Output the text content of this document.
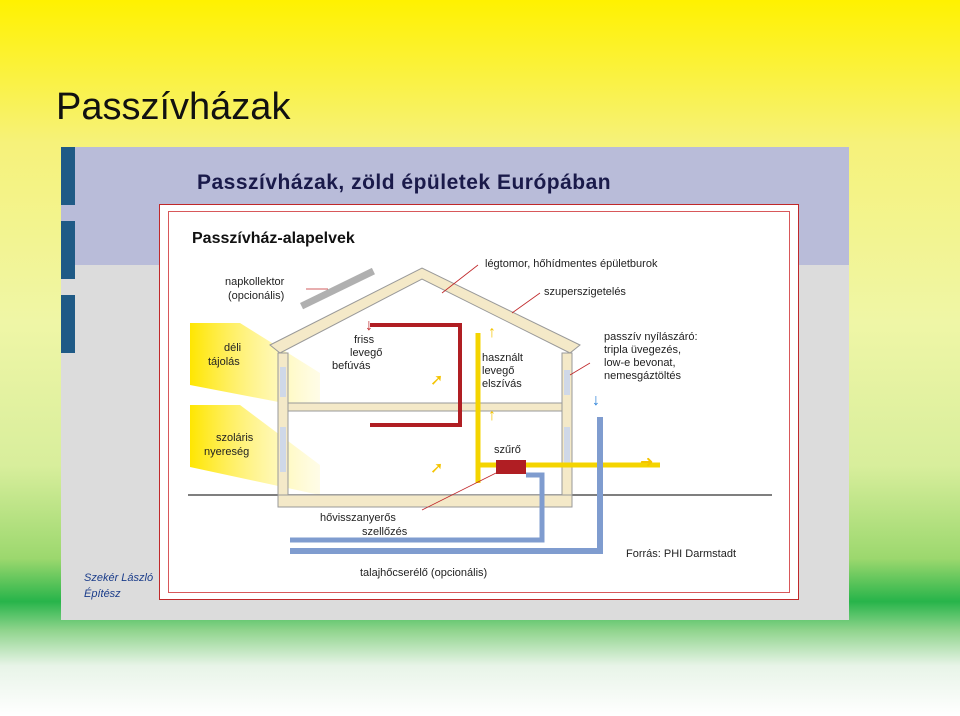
Passzívházak
Passzívházak, zöld épületek Európában
Passzívház-alapelvek
↓
➚
➚
↑
↑
➜
↓
légtomor, hőhídmentes épületburok
napkollektor
(opcionális)	szuperszigetelés
déli
tájolás
friss
levegő
befúvás
használt
levegő
elszívás
passzív nyílászáró:
tripla üvegezés,
low-e bevonat,
nemesgáztöltés
szoláris
nyereség	szűrő
hővisszanyerős
szellőzés
talajhőcserélő (opcionális)
Forrás: PHI Darmstadt
Szekér László
Építész
